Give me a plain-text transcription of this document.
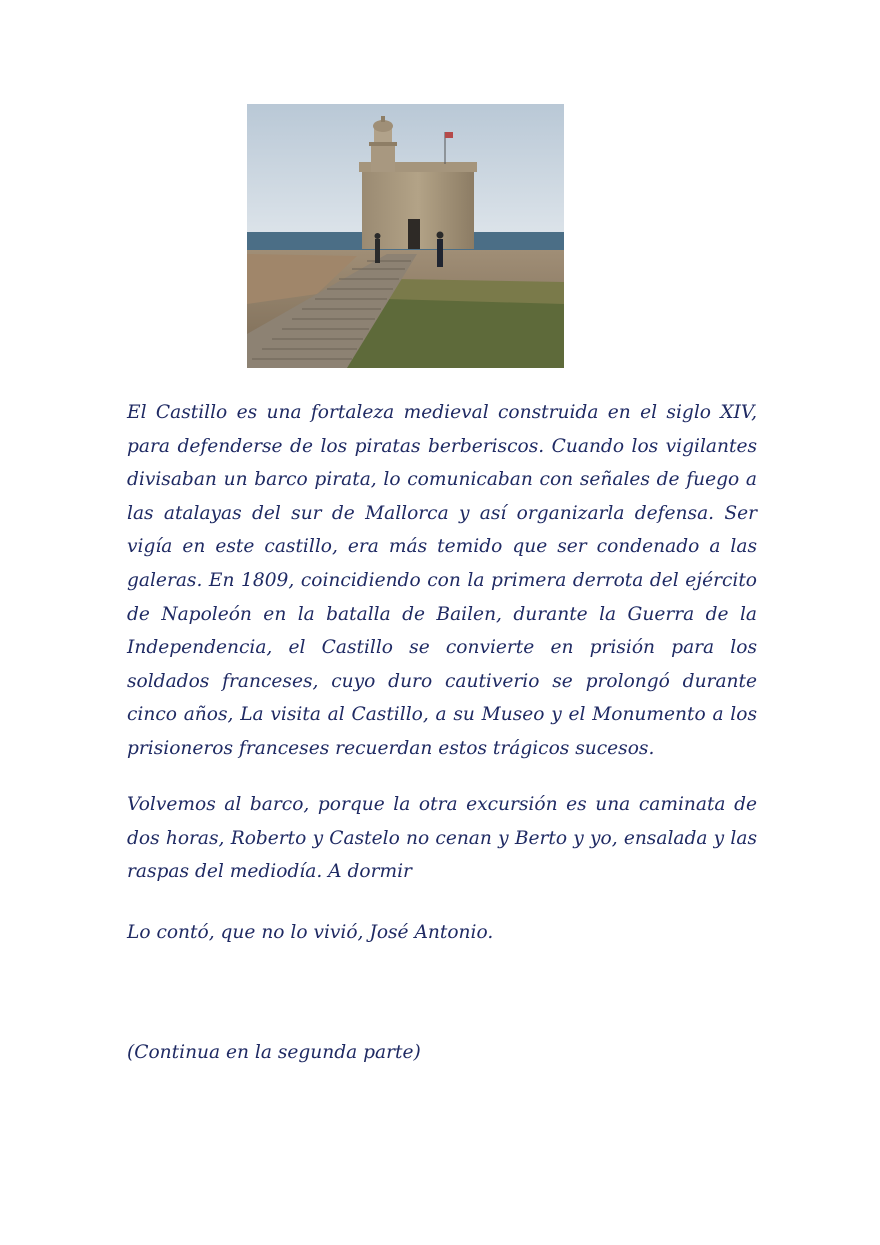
El Castillo es una fortaleza medieval construida en el siglo XIV, para defenderse de los piratas berberiscos. Cuando los vigilantes divisaban un barco pirata, lo comunicaban con señales de fuego a las atalayas del sur de Mallorca y así organizarla defensa. Ser vigía en este castillo, era más temido que ser condenado a las galeras. En 1809, coincidiendo con la primera derrota del ejército de Napoleón en la batalla de Bailen, durante la Guerra de la Independencia, el Castillo se convierte en prisión para los soldados franceses, cuyo duro cautiverio se prolongó durante cinco años, La visita al Castillo, a su Museo y el Monumento a los prisioneros franceses recuerdan estos trágicos sucesos.

Volvemos al barco, porque la otra excursión es una caminata de dos horas, Roberto y Castelo no cenan y Berto y yo, ensalada y las raspas del mediodía. A dormir

Lo contó, que no lo vivió, José Antonio.

(Continua en la segunda parte)
